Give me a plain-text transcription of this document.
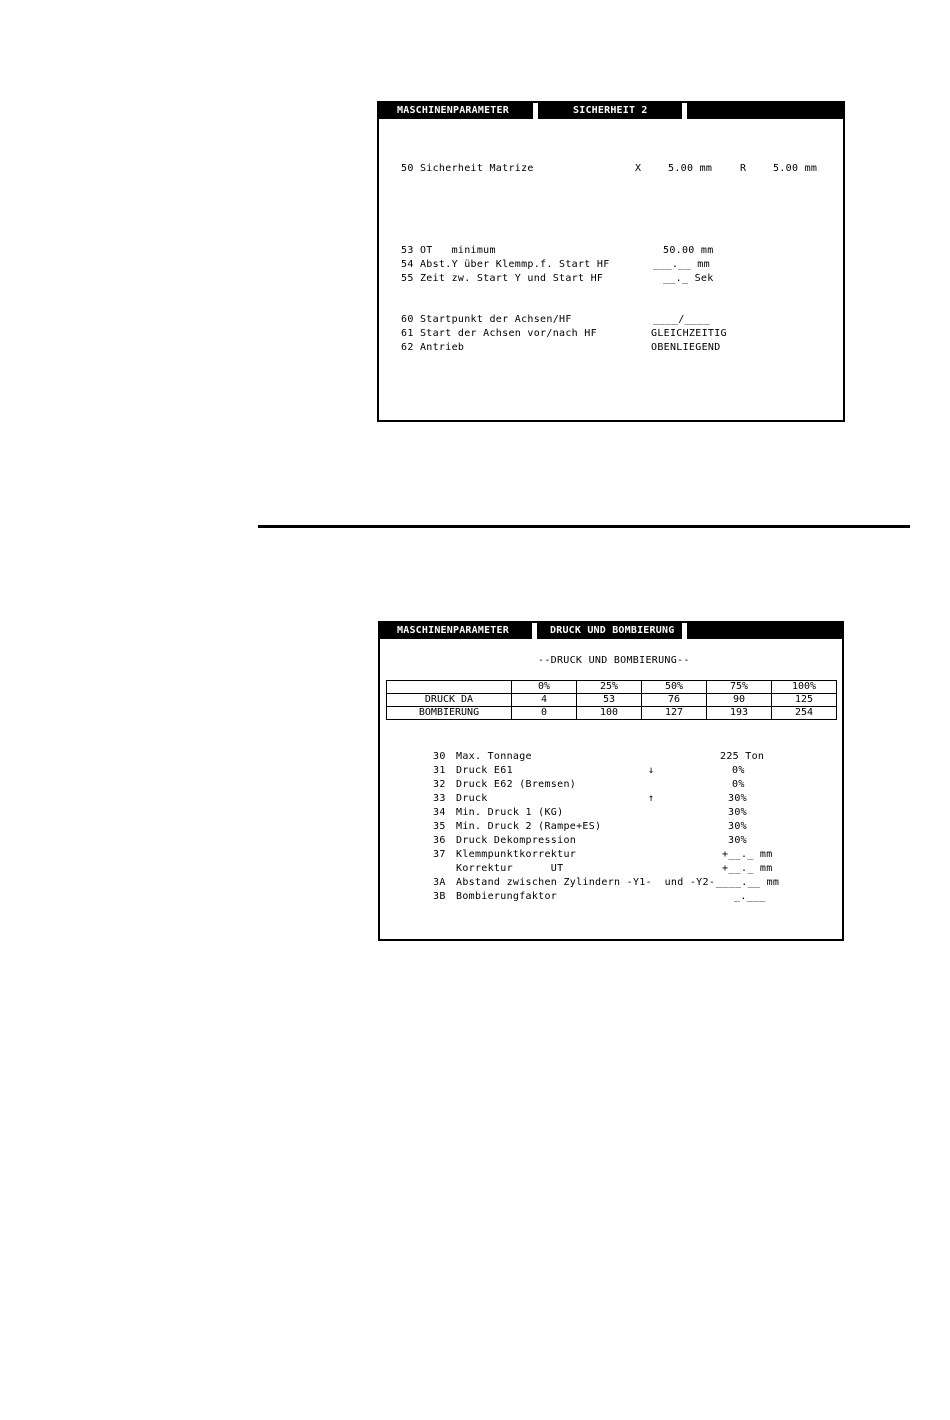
MASCHINENPARAMETER	SICHERHEIT 2
50 Sicherheit Matrize	X	5.00 mm	R	5.00 mm
53 OT   minimum	50.00 mm
54 Abst.Y über Klemmp.f. Start HF	___.__ mm
55 Zeit zw. Start Y und Start HF	__._ Sek
60 Startpunkt der Achsen/HF	____/____
61 Start der Achsen vor/nach HF	GLEICHZEITIG
62 Antrieb	OBENLIEGEND
MASCHINENPARAMETER	DRUCK UND BOMBIERUNG
--DRUCK UND BOMBIERUNG--
	0%	25%	50%	75%	100%
DRUCK DA	4	53	76	90	125
BOMBIERUNG	0	100	127	193	254
30 Max. Tonnage	225 Ton
31 Druck E61	↓	0%
32 Druck E62 (Bremsen)	0%
33 Druck	↑	30%
34 Min. Druck 1 (KG)	30%
35 Min. Druck 2 (Rampe+ES)	30%
36 Druck Dekompression	30%
37 Klemmpunktkorrektur	+__._ mm
Korrektur      UT	+__._ mm
3A Abstand zwischen Zylindern -Y1-  und -Y2- ____.__ mm
3B Bombierungfaktor	_.___
